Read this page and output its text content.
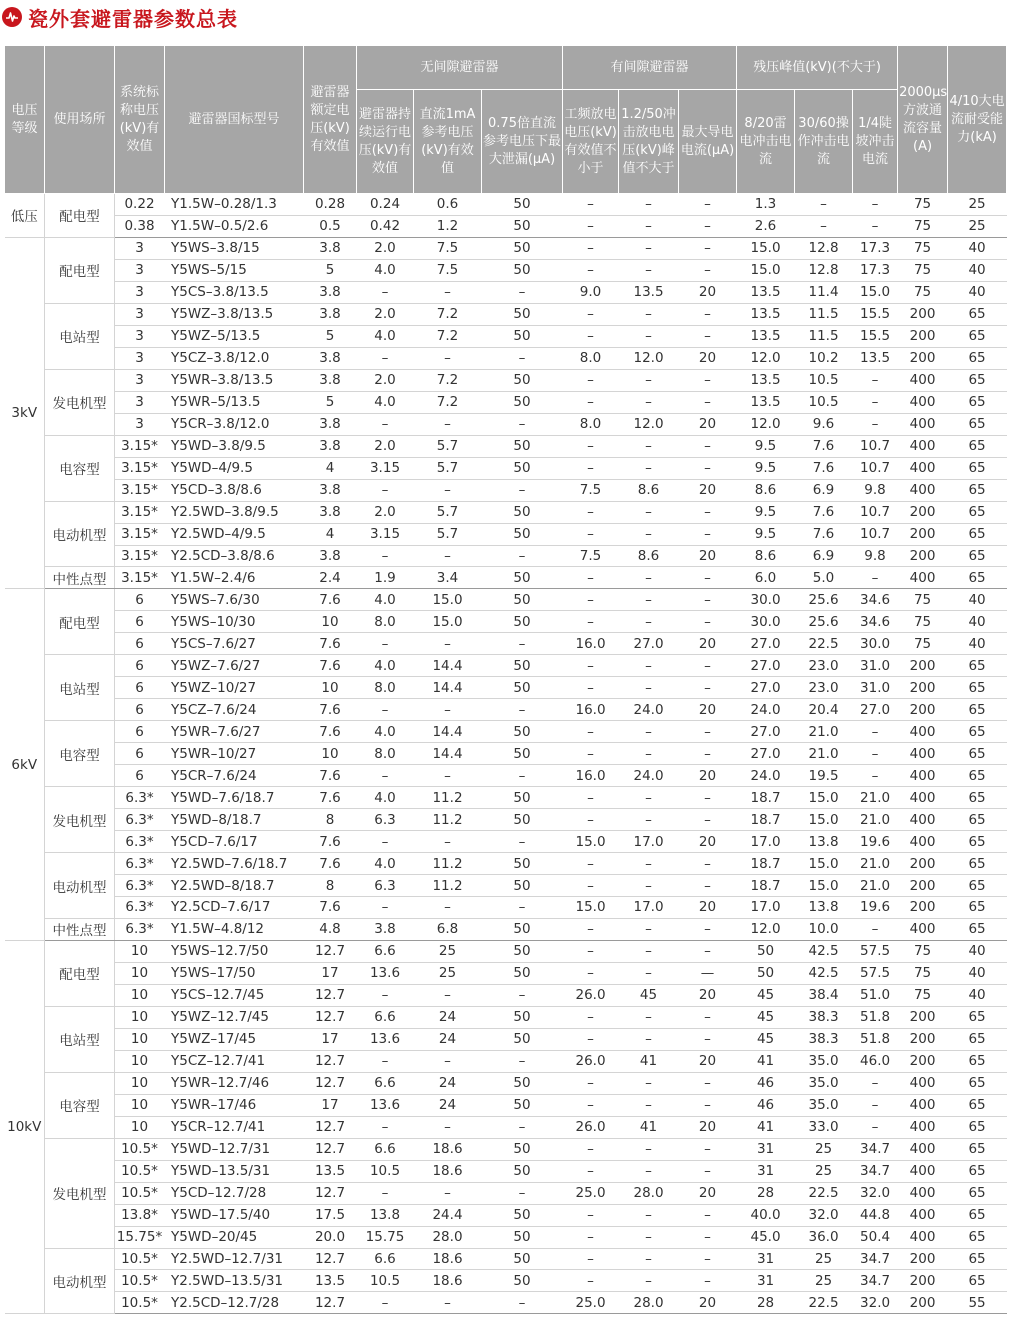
瓷外套避雷器参数总表
电压等级	使用场所	系统标称电压(kV)有效值	避雷器国标型号	避雷器额定电压(kV)有效值	无间隙避雷器			有间隙避雷器			残压峰值(kV)(不大于)			2000μs方波通流容量(A)	4/10大电流耐受能力(kA)
					避雷器持续运行电压(kV)有效值	直流1mA参考电压(kV)有效值	0.75倍直流参考电压下最大泄漏(μA)	工频放电电压(kV)有效值不小于	1.2/50冲击放电电压(kV)峰值不大于	最大导电电流(μA)	8/20雷电冲击电流	30/60操作冲击电流	1/4陡坡冲击电流		
低压	配电型	0.22	Y1.5W–0.28/1.3	0.28	0.24	0.6	50	–	–	–	1.3	–	–	75	25
		0.38	Y1.5W–0.5/2.6	0.5	0.42	1.2	50	–	–	–	2.6	–	–	75	25
3kV	配电型	3	Y5WS–3.8/15	3.8	2.0	7.5	50	–	–	–	15.0	12.8	17.3	75	40
		3	Y5WS–5/15	5	4.0	7.5	50	–	–	–	15.0	12.8	17.3	75	40
		3	Y5CS–3.8/13.5	3.8	–	–	–	9.0	13.5	20	13.5	11.4	15.0	75	40
	电站型	3	Y5WZ–3.8/13.5	3.8	2.0	7.2	50	–	–	–	13.5	11.5	15.5	200	65
		3	Y5WZ–5/13.5	5	4.0	7.2	50	–	–	–	13.5	11.5	15.5	200	65
		3	Y5CZ–3.8/12.0	3.8	–	–	–	8.0	12.0	20	12.0	10.2	13.5	200	65
	发电机型	3	Y5WR–3.8/13.5	3.8	2.0	7.2	50	–	–	–	13.5	10.5	–	400	65
		3	Y5WR–5/13.5	5	4.0	7.2	50	–	–	–	13.5	10.5	–	400	65
		3	Y5CR–3.8/12.0	3.8	–	–	–	8.0	12.0	20	12.0	9.6	–	400	65
	电容型	3.15*	Y5WD–3.8/9.5	3.8	2.0	5.7	50	–	–	–	9.5	7.6	10.7	400	65
		3.15*	Y5WD–4/9.5	4	3.15	5.7	50	–	–	–	9.5	7.6	10.7	400	65
		3.15*	Y5CD–3.8/8.6	3.8	–	–	–	7.5	8.6	20	8.6	6.9	9.8	400	65
	电动机型	3.15*	Y2.5WD–3.8/9.5	3.8	2.0	5.7	50	–	–	–	9.5	7.6	10.7	200	65
		3.15*	Y2.5WD–4/9.5	4	3.15	5.7	50	–	–	–	9.5	7.6	10.7	200	65
		3.15*	Y2.5CD–3.8/8.6	3.8	–	–	–	7.5	8.6	20	8.6	6.9	9.8	200	65
	中性点型	3.15*	Y1.5W–2.4/6	2.4	1.9	3.4	50	–	–	–	6.0	5.0	–	400	65
6kV	配电型	6	Y5WS–7.6/30	7.6	4.0	15.0	50	–	–	–	30.0	25.6	34.6	75	40
		6	Y5WS–10/30	10	8.0	15.0	50	–	–	–	30.0	25.6	34.6	75	40
		6	Y5CS–7.6/27	7.6	–	–	–	16.0	27.0	20	27.0	22.5	30.0	75	40
	电站型	6	Y5WZ–7.6/27	7.6	4.0	14.4	50	–	–	–	27.0	23.0	31.0	200	65
		6	Y5WZ–10/27	10	8.0	14.4	50	–	–	–	27.0	23.0	31.0	200	65
		6	Y5CZ–7.6/24	7.6	–	–	–	16.0	24.0	20	24.0	20.4	27.0	200	65
	电容型	6	Y5WR–7.6/27	7.6	4.0	14.4	50	–	–	–	27.0	21.0	–	400	65
		6	Y5WR–10/27	10	8.0	14.4	50	–	–	–	27.0	21.0	–	400	65
		6	Y5CR–7.6/24	7.6	–	–	–	16.0	24.0	20	24.0	19.5	–	400	65
	发电机型	6.3*	Y5WD–7.6/18.7	7.6	4.0	11.2	50	–	–	–	18.7	15.0	21.0	400	65
		6.3*	Y5WD–8/18.7	8	6.3	11.2	50	–	–	–	18.7	15.0	21.0	400	65
		6.3*	Y5CD–7.6/17	7.6	–	–	–	15.0	17.0	20	17.0	13.8	19.6	400	65
	电动机型	6.3*	Y2.5WD–7.6/18.7	7.6	4.0	11.2	50	–	–	–	18.7	15.0	21.0	200	65
		6.3*	Y2.5WD–8/18.7	8	6.3	11.2	50	–	–	–	18.7	15.0	21.0	200	65
		6.3*	Y2.5CD–7.6/17	7.6	–	–	–	15.0	17.0	20	17.0	13.8	19.6	200	65
	中性点型	6.3*	Y1.5W–4.8/12	4.8	3.8	6.8	50	–	–	–	12.0	10.0	–	400	65
10kV	配电型	10	Y5WS–12.7/50	12.7	6.6	25	50	–	–	–	50	42.5	57.5	75	40
		10	Y5WS–17/50	17	13.6	25	50	–	–	—	50	42.5	57.5	75	40
		10	Y5CS–12.7/45	12.7	–	–	–	26.0	45	20	45	38.4	51.0	75	40
	电站型	10	Y5WZ–12.7/45	12.7	6.6	24	50	–	–	–	45	38.3	51.8	200	65
		10	Y5WZ–17/45	17	13.6	24	50	–	–	–	45	38.3	51.8	200	65
		10	Y5CZ–12.7/41	12.7	–	–	–	26.0	41	20	41	35.0	46.0	200	65
	电容型	10	Y5WR–12.7/46	12.7	6.6	24	50	–	–	–	46	35.0	–	400	65
		10	Y5WR–17/46	17	13.6	24	50	–	–	–	46	35.0	–	400	65
		10	Y5CR–12.7/41	12.7	–	–	–	26.0	41	20	41	33.0	–	400	65
	发电机型	10.5*	Y5WD–12.7/31	12.7	6.6	18.6	50	–	–	–	31	25	34.7	400	65
		10.5*	Y5WD–13.5/31	13.5	10.5	18.6	50	–	–	–	31	25	34.7	400	65
		10.5*	Y5CD–12.7/28	12.7	–	–	–	25.0	28.0	20	28	22.5	32.0	400	65
		13.8*	Y5WD–17.5/40	17.5	13.8	24.4	50	–	–	–	40.0	32.0	44.8	400	65
		15.75*	Y5WD–20/45	20.0	15.75	28.0	50	–	–	–	45.0	36.0	50.4	400	65
	电动机型	10.5*	Y2.5WD–12.7/31	12.7	6.6	18.6	50	–	–	–	31	25	34.7	200	65
		10.5*	Y2.5WD–13.5/31	13.5	10.5	18.6	50	–	–	–	31	25	34.7	200	65
		10.5*	Y2.5CD–12.7/28	12.7	–	–	–	25.0	28.0	20	28	22.5	32.0	200	55
